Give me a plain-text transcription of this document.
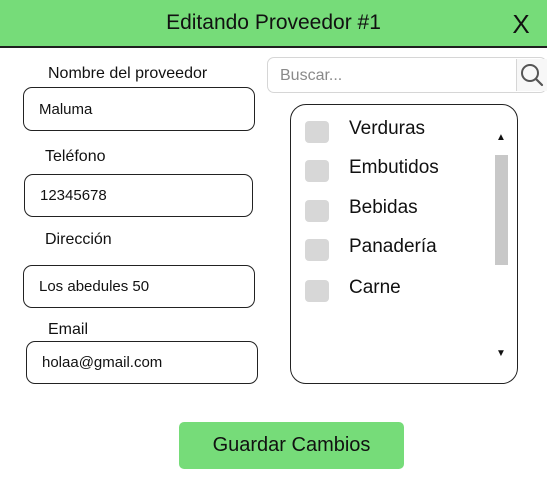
Editando Proveedor #1	X
Nombre del proveedor
Maluma
Teléfono
12345678
Dirección
Los abedules 50
Email
holaa@gmail.com
Buscar...
Verduras
Embutidos
Bebidas
Panadería
Carne
▲
▼
Guardar Cambios
